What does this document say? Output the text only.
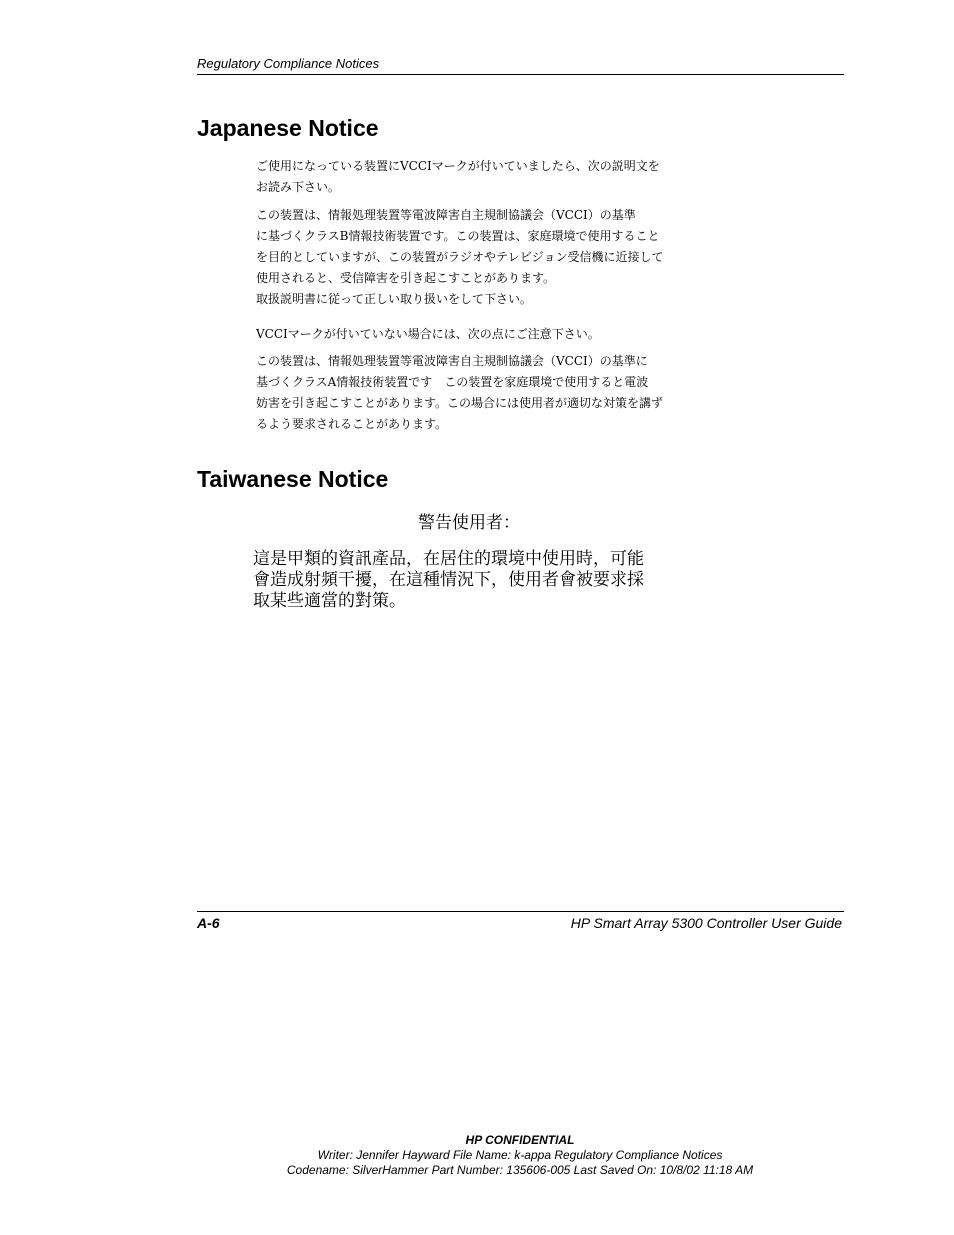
Regulatory Compliance Notices
Japanese Notice
ご使用になっている装置にVCCIマークが付いていましたら、次の説明文を
お読み下さい。
この装置は、情報処理装置等電波障害自主規制協議会（VCCI）の基準
に基づくクラスB情報技術装置です。この装置は、家庭環境で使用すること
を目的としていますが、この装置がラジオやテレビジョン受信機に近接して
使用されると、受信障害を引き起こすことがあります。
取扱説明書に従って正しい取り扱いをして下さい。
VCCIマークが付いていない場合には、次の点にご注意下さい。
この装置は、情報処理装置等電波障害自主規制協議会（VCCI）の基準に
基づくクラスA情報技術装置です　この装置を家庭環境で使用すると電波
妨害を引き起こすことがあります。この場合には使用者が適切な対策を講ず
るよう要求されることがあります。
Taiwanese Notice
警告使用者：
這是甲類的資訊產品，在居住的環境中使用時，可能
會造成射頻干擾，在這種情況下，使用者會被要求採
取某些適當的對策。
A-6	HP Smart Array 5300 Controller User Guide
HP CONFIDENTIAL
Writer: Jennifer Hayward File Name: k-appa Regulatory Compliance Notices
Codename: SilverHammer Part Number: 135606-005 Last Saved On: 10/8/02 11:18 AM
